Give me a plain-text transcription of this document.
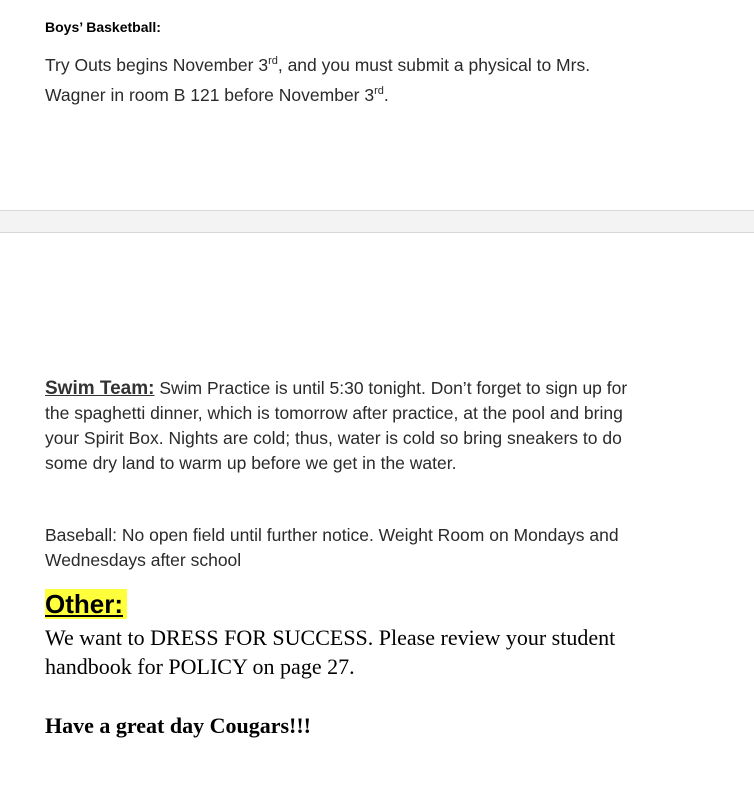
Boys’ Basketball:
Try Outs begins November 3rd, and you must submit a physical to Mrs.
Wagner in room B 121 before November 3rd.
Swim Team: Swim Practice is until 5:30 tonight. Don’t forget to sign up for
the spaghetti dinner, which is tomorrow after practice, at the pool and bring
your Spirit Box. Nights are cold; thus, water is cold so bring sneakers to do
some dry land to warm up before we get in the water.
Baseball: No open field until further notice. Weight Room on Mondays and
Wednesdays after school
Other:
We want to DRESS FOR SUCCESS. Please review your student
handbook for POLICY on page 27.
Have a great day Cougars!!!
